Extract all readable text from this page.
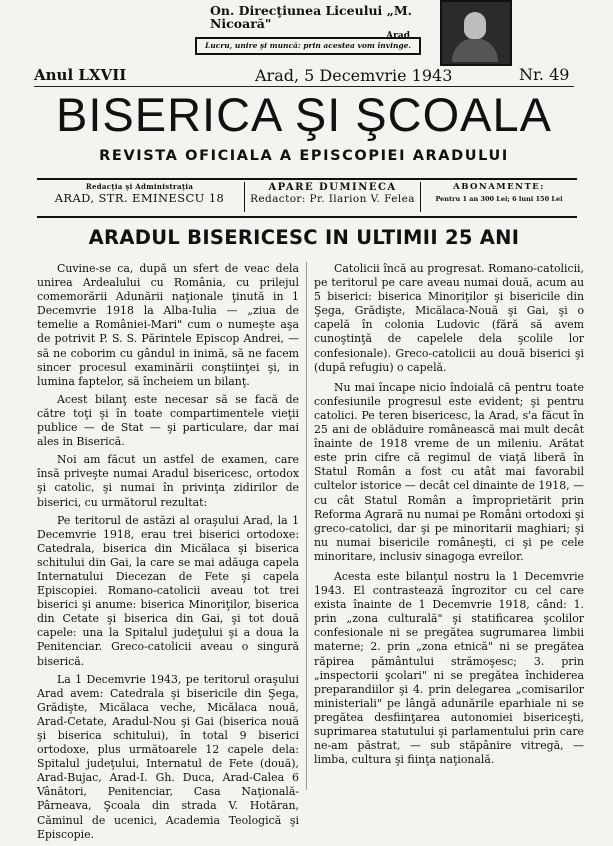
On. Direcţiunea Liceului „M. Nicoară"
Arad
Lucru, unire şi muncă: prin acestea vom învinge.
Anul LXVII	Arad, 5 Decemvrie 1943	Nr. 49
BISERICA ŞI ŞCOALA
REVISTA OFICIALA A EPISCOPIEI ARADULUI
Redacţia şi Administraţia
ARAD, STR. EMINESCU 18
APARE DUMINECA
Redactor: Pr. Ilarion V. Felea
ABONAMENTE:
Pentru 1 an 300 Lei; 6 luni 150 Lei
ARADUL BISERICESC IN ULTIMII 25 ANI

Cuvine-se ca, după un sfert de veac dela unirea Ardealului cu România, cu prilejul comemorării Adunării naţionale ţinută in 1 Decemvrie 1918 la Alba-Iulia — „ziua de temelie a României-Mari" cum o numeşte aşa de potrivit P. S. S. Părintele Episcop Andrei, — să ne coborim cu gândul in inimă, să ne facem sincer procesul examinării conştiinţei şi, in lumina faptelor, să încheiem un bilanţ.

Acest bilanţ este necesar să se facă de către toţi şi în toate compartimentele vieţii publice — de Stat — şi particulare, dar mai ales in Biserică.

Noi am făcut un astfel de examen, care însă priveşte numai Aradul bisericesc, ortodox şi catolic, şi numai în privinţa zidirilor de biserici, cu următorul rezultat:

Pe teritorul de astăzi al oraşului Arad, la 1 Decemvrie 1918, erau trei biserici ortodoxe: Catedrala, biserica din Micălaca şi biserica schitului din Gai, la care se mai adăuga capela Internatului Diecezan de Fete şi capela Episcopiei. Romano-catolicii aveau tot trei biserici şi anume: biserica Minoriţilor, biserica din Cetate şi biserica din Gai, şi tot două capele: una la Spitalul judeţului şi a doua la Penitenciar. Greco-catolicii aveau o singură biserică.

La 1 Decemvrie 1943, pe teritorul oraşului Arad avem: Catedrala şi bisericile din Şega, Grădişte, Micălaca veche, Micălaca nouă, Arad-Cetate, Aradul-Nou şi Gai (biserica nouă şi biserica schitului), în total 9 biserici ortodoxe, plus următoarele 12 capele dela: Spitalul judeţului, Internatul de Fete (două), Arad-Bujac, Arad-I. Gh. Duca, Arad-Calea 6 Vânători, Penitenciar, Casa Naţională-Pârneava, Şcoala din strada V. Hotăran, Căminul de ucenici, Academia Teologică şi Episcopie.

Catolicii încă au progresat. Romano-catolicii, pe teritorul pe care aveau numai două, acum au 5 biserici: biserica Minoriţilor şi bisericile din Şega, Grădişte, Micălaca-Nouă şi Gai, şi o capelă în colonia Ludovic (fără să avem cunoştinţă de capelele dela şcolile lor confesionale). Greco-catolicii au două biserici şi (după refugiu) o capelă.

Nu mai încape nicio îndoială că pentru toate confesiunile progresul este evident; şi pentru catolici. Pe teren bisericesc, la Arad, s'a făcut în 25 ani de oblăduire românească mai mult decât înainte de 1918 vreme de un mileniu. Arătat este prin cifre că regimul de viaţă liberă în Statul Român a fost cu atât mai favorabil cultelor istorice — decât cel dinainte de 1918, — cu cât Statul Român a împroprietărit prin Reforma Agrară nu numai pe Români ortodoxi şi greco-catolici, dar şi pe minoritarii maghiari; şi nu numai bisericile româneşti, ci şi pe cele minoritare, inclusiv sinagoga evreilor.

Acesta este bilanţul nostru la 1 Decemvrie 1943. El contrastează îngrozitor cu cel care exista înainte de 1 Decemvrie 1918, când: 1. prin „zona culturală" şi statificarea şcolilor confesionale ni se pregătea sugrumarea limbii materne; 2. prin „zona etnică" ni se pregătea răpirea pământului strămoşesc; 3. prin „inspectorii şcolari" ni se pregătea închiderea preparandiilor şi 4. prin delegarea „comisarilor ministeriali" pe lângă adunările eparhiale ni se pregătea desfiinţarea autonomiei bisericeşti, suprimarea statutului şi parlamentului prin care ne-am păstrat, — sub stăpânire vitregă, — limba, cultura şi fiinţa naţională.
